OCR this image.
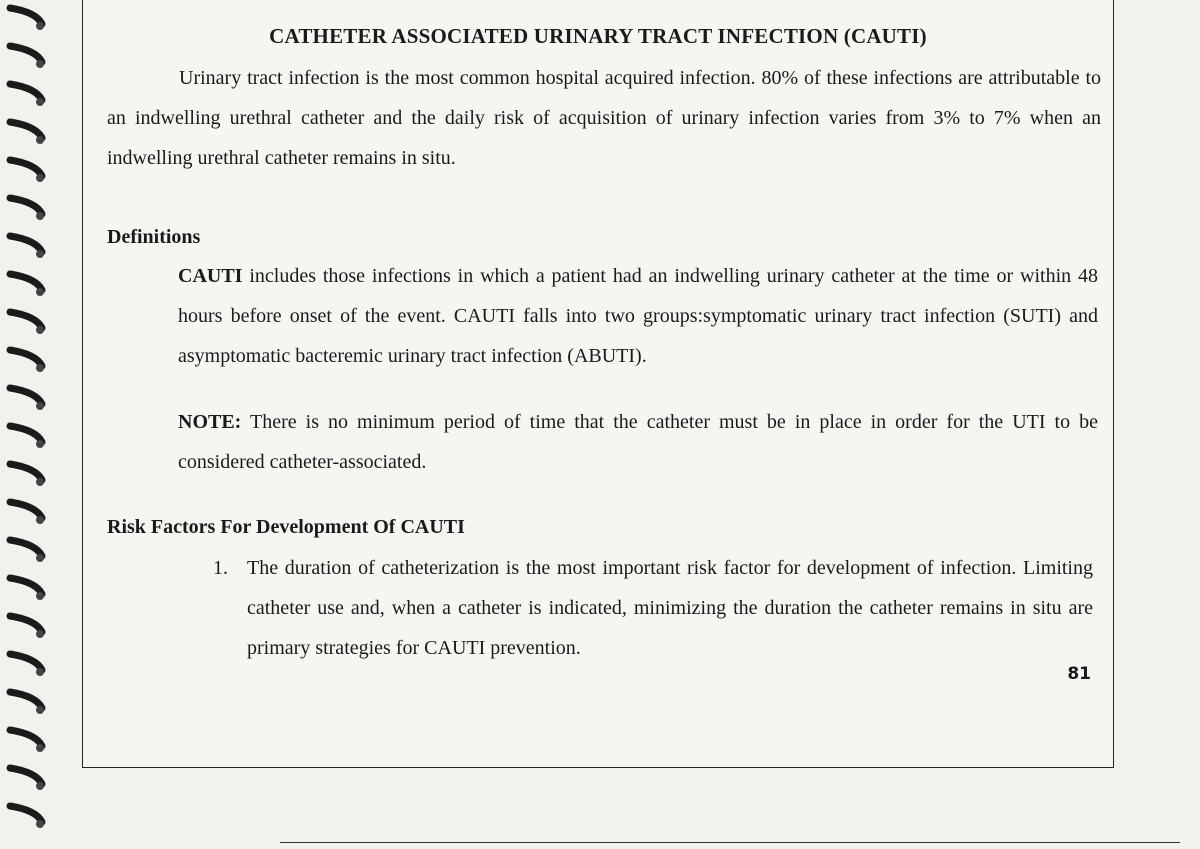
CATHETER ASSOCIATED URINARY TRACT INFECTION (CAUTI)
Urinary tract infection is the most common hospital acquired infection. 80% of these infections are attributable to an indwelling urethral catheter and the daily risk of acquisition of urinary infection varies from 3% to 7% when an indwelling urethral catheter remains in situ.
Definitions
CAUTI includes those infections in which a patient had an indwelling urinary catheter at the time or within 48 hours before onset of the event. CAUTI falls into two groups:symptomatic urinary tract infection (SUTI) and asymptomatic bacteremic urinary tract infection (ABUTI).
NOTE: There is no minimum period of time that the catheter must be in place in order for the UTI to be considered catheter-associated.
Risk Factors For Development Of CAUTI
1. The duration of catheterization is the most important risk factor for development of infection. Limiting catheter use and, when a catheter is indicated, minimizing the duration the catheter remains in situ are primary strategies for CAUTI prevention.
81
